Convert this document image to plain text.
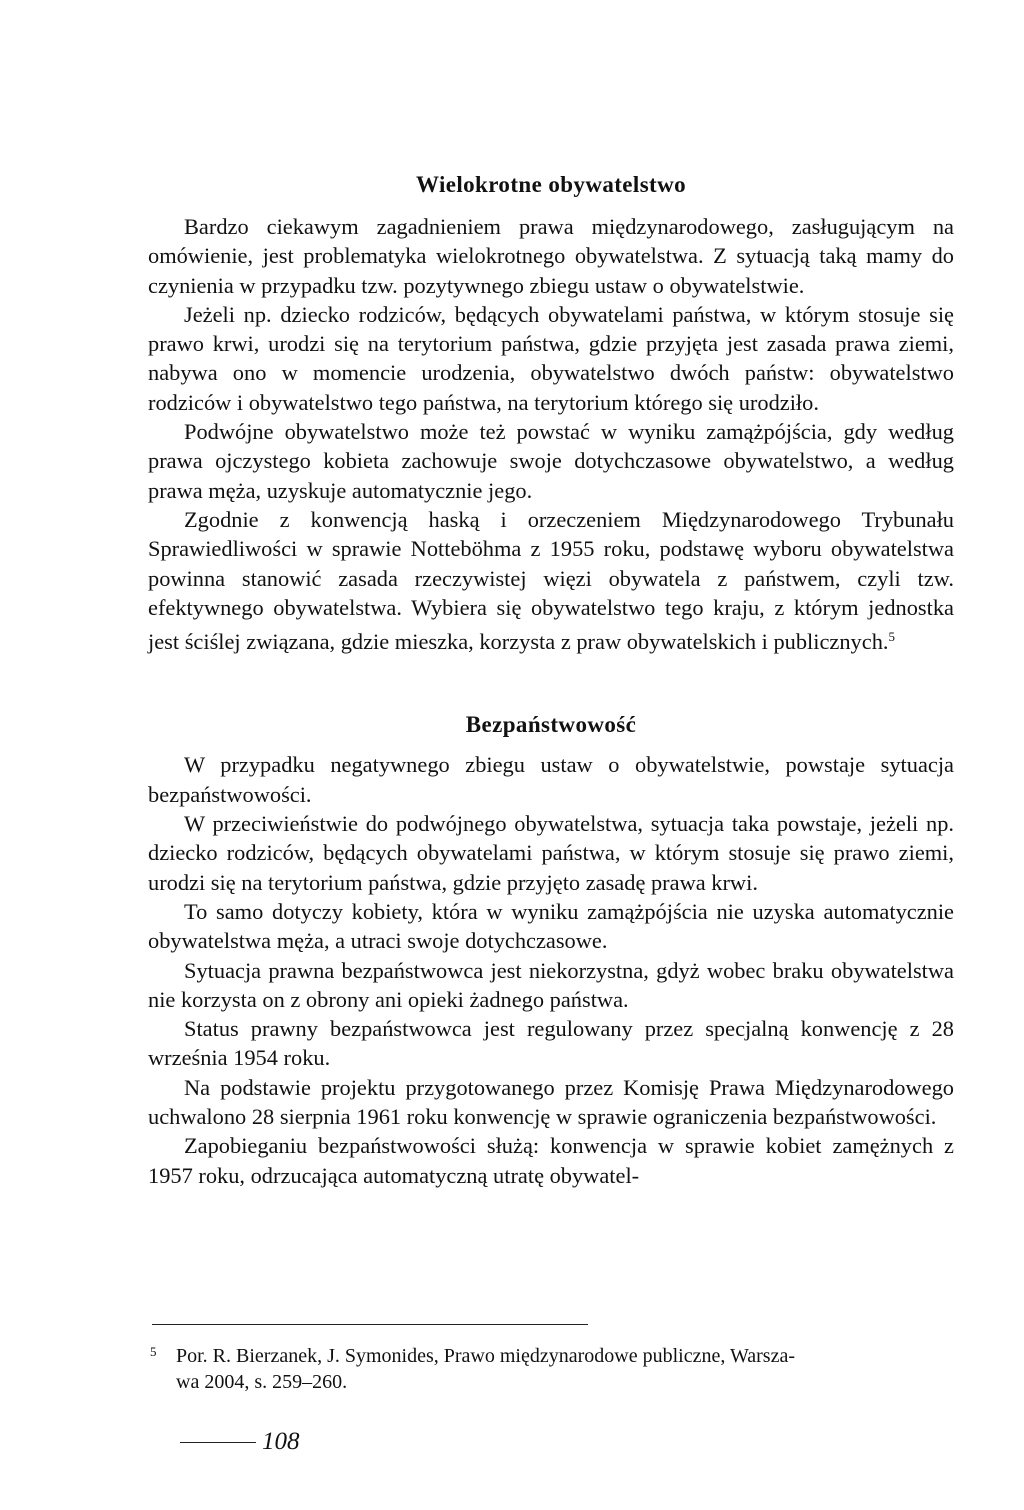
Wielokrotne obywatelstwo

Bardzo ciekawym zagadnieniem prawa międzynarodowego, zasługującym na omówienie, jest problematyka wielokrotnego obywatelstwa. Z sytuacją taką mamy do czynienia w przypadku tzw. pozytywnego zbiegu ustaw o obywatelstwie.

Jeżeli np. dziecko rodziców, będących obywatelami państwa, w którym stosuje się prawo krwi, urodzi się na terytorium państwa, gdzie przyjęta jest zasada prawa ziemi, nabywa ono w momencie urodzenia, obywatelstwo dwóch państw: obywatelstwo rodziców i obywatelstwo tego państwa, na terytorium którego się urodziło.

Podwójne obywatelstwo może też powstać w wyniku zamążpójścia, gdy według prawa ojczystego kobieta zachowuje swoje dotychczasowe obywatelstwo, a według prawa męża, uzyskuje automatycznie jego.

Zgodnie z konwencją haską i orzeczeniem Międzynarodowego Trybunału Sprawiedliwości w sprawie Notteböhma z 1955 roku, podstawę wyboru obywatelstwa powinna stanowić zasada rzeczywistej więzi obywatela z państwem, czyli tzw. efektywnego obywatelstwa. Wybiera się obywatelstwo tego kraju, z którym jednostka jest ściślej związana, gdzie mieszka, korzysta z praw obywatelskich i publicznych.$^5$

Bezpaństwowość

W przypadku negatywnego zbiegu ustaw o obywatelstwie, powstaje sytuacja bezpaństwowości.

W przeciwieństwie do podwójnego obywatelstwa, sytuacja taka powstaje, jeżeli np. dziecko rodziców, będących obywatelami państwa, w którym stosuje się prawo ziemi, urodzi się na terytorium państwa, gdzie przyjęto zasadę prawa krwi.

To samo dotyczy kobiety, która w wyniku zamążpójścia nie uzyska automatycznie obywatelstwa męża, a utraci swoje dotychczasowe.

Sytuacja prawna bezpaństwowca jest niekorzystna, gdyż wobec braku obywatelstwa nie korzysta on z obrony ani opieki żadnego państwa.

Status prawny bezpaństwowca jest regulowany przez specjalną konwencję z 28 września 1954 roku.

Na podstawie projektu przygotowanego przez Komisję Prawa Międzynarodowego uchwalono 28 sierpnia 1961 roku konwencję w sprawie ograniczenia bezpaństwowości.

Zapobieganiu bezpaństwowości służą: konwencja w sprawie kobiet zamężnych z 1957 roku, odrzucająca automatyczną utratę obywatel-

5 Por. R. Bierzanek, J. Symonides, Prawo międzynarodowe publiczne, Warsza-
wa 2004, s. 259–260.
108
